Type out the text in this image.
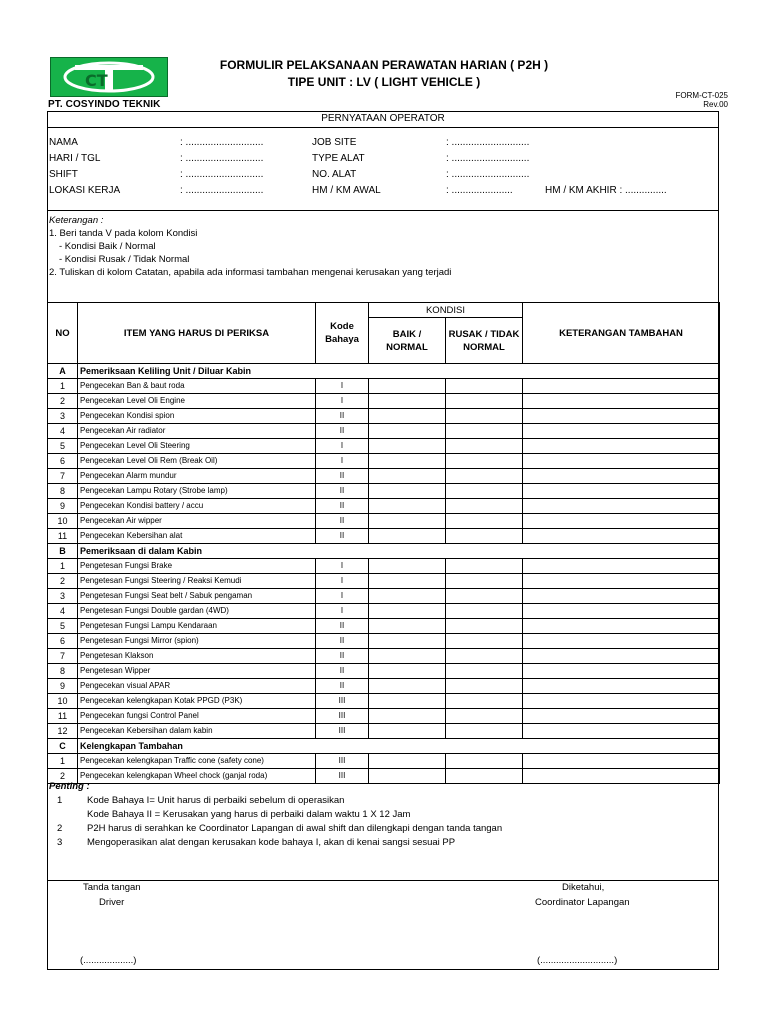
CT
PT. COSYINDO TEKNIK
FORMULIR PELAKSANAAN PERAWATAN HARIAN ( P2H )
TIPE UNIT : LV ( LIGHT VEHICLE )
FORM-CT-025
Rev.00
PERNYATAAN OPERATOR
NAMA	: ............................
HARI / TGL	: ............................
SHIFT	: ............................
LOKASI KERJA	: ............................
JOB SITE	: ............................
TYPE ALAT	: ............................
NO. ALAT	: ............................
HM / KM AWAL	: ......................	HM / KM AKHIR : ...............
Keterangan :
1. Beri tanda V pada kolom Kondisi
- Kondisi Baik / Normal
- Kondisi Rusak / Tidak Normal
2. Tuliskan di kolom Catatan, apabila ada informasi tambahan mengenai kerusakan yang terjadi
NO	ITEM YANG HARUS DI PERIKSA	Kode Bahaya	KONDISI		KETERANGAN TAMBAHAN
			BAIK / NORMAL	RUSAK / TIDAK NORMAL	
A	Pemeriksaan Keliling Unit / Diluar Kabin				
1	Pengecekan Ban & baut roda	I			
2	Pengecekan Level Oli Engine	I			
3	Pengecekan Kondisi spion	II			
4	Pengecekan Air radiator	II			
5	Pengecekan Level Oli Steering	I			
6	Pengecekan Level Oli Rem (Break Oil)	I			
7	Pengecekan Alarm mundur	II			
8	Pengecekan Lampu Rotary (Strobe lamp)	II			
9	Pengecekan Kondisi battery / accu	II			
10	Pengecekan Air wipper	II			
11	Pengecekan Kebersihan alat	II			
B	Pemeriksaan di dalam Kabin				
1	Pengetesan Fungsi Brake	I			
2	Pengetesan Fungsi Steering / Reaksi Kemudi	I			
3	Pengetesan Fungsi Seat belt / Sabuk pengaman	I			
4	Pengetesan Fungsi Double gardan (4WD)	I			
5	Pengetesan Fungsi Lampu Kendaraan	II			
6	Pengetesan Fungsi Mirror (spion)	II			
7	Pengetesan Klakson	II			
8	Pengetesan Wipper	II			
9	Pengecekan visual APAR	II			
10	Pengecekan kelengkapan Kotak PPGD (P3K)	III			
11	Pengecekan fungsi Control Panel	III			
12	Pengecekan Kebersihan dalam kabin	III			
C	Kelengkapan Tambahan				
1	Pengecekan kelengkapan Traffic cone (safety cone)	III			
2	Pengecekan kelengkapan Wheel chock (ganjal roda)	III			
Penting :
1	Kode Bahaya I= Unit harus di perbaiki sebelum di operasikan
Kode Bahaya II = Kerusakan yang harus di perbaiki dalam waktu 1 X 12 Jam
2	P2H harus di serahkan ke Coordinator Lapangan di awal shift dan dilengkapi dengan tanda tangan
3	Mengoperasikan alat dengan kerusakan kode bahaya I, akan di kenai sangsi sesuai PP
Tanda tangan
Driver
(...................)
Diketahui,
Coordinator Lapangan
(............................)
